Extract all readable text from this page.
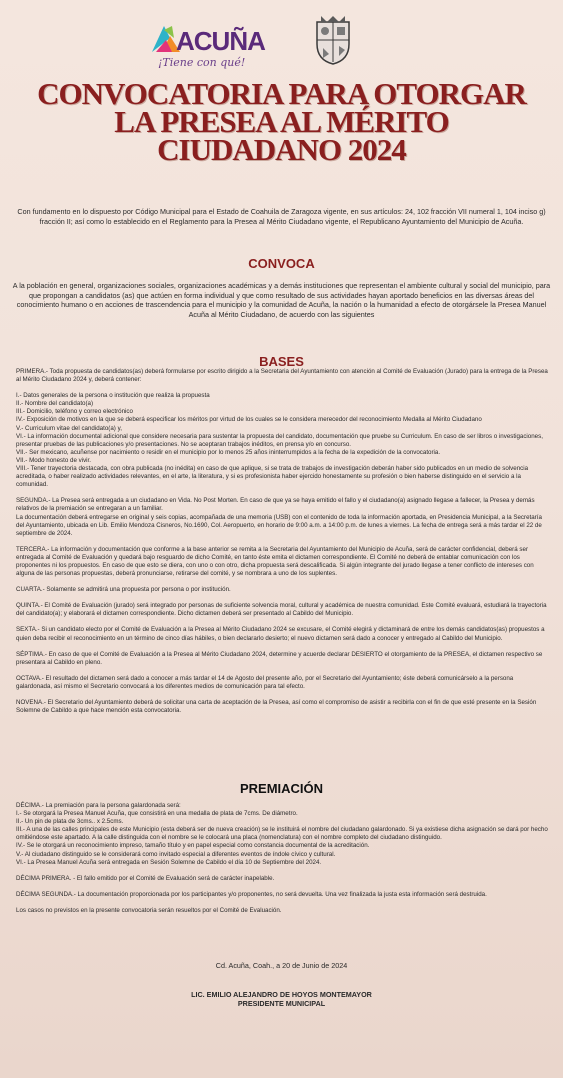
ACUÑA
¡Tiene con qué!
CONVOCATORIA PARA OTORGAR
LA PRESEA AL MÉRITO
CIUDADANO 2024
Con fundamento en lo dispuesto por Código Municipal para el Estado de Coahuila de Zaragoza vigente, en sus artículos: 24, 102 fracción VII numeral 1, 104 inciso g) fracción II; así como lo establecido en el Reglamento para la Presea al Mérito Ciudadano vigente, el Republicano Ayuntamiento del Municipio de Acuña.
CONVOCA
A la población en general, organizaciones sociales, organizaciones académicas y a demás instituciones que representan el ambiente cultural y social del municipio, para que propongan a candidatos (as) que actúen en forma individual y que como resultado de sus actividades hayan aportado beneficios en las diversas áreas del conocimiento humano o en acciones de trascendencia para el municipio y la comunidad de Acuña, la nación o la humanidad a efecto de otorgársele la Presea Manuel Acuña al Mérito Ciudadano, de acuerdo con las siguientes
BASES

PRIMERA.- Toda propuesta de candidatos(as) deberá formularse por escrito dirigido a la Secretaria del Ayuntamiento con atención al Comité de Evaluación (Jurado) para la entrega de la Presea al Mérito Ciudadano 2024 y, deberá contener:

I.- Datos generales de la persona o institución que realiza la propuesta

II.- Nombre del candidato(a)

III.- Domicilio, teléfono y correo electrónico

IV.- Exposición de motivos en la que se deberá especificar los méritos por virtud de los cuales se le considera merecedor del reconocimiento Medalla al Mérito Ciudadano

V.- Curriculum vitae del candidato(a) y,

VI.- La información documental adicional que considere necesaria para sustentar la propuesta del candidato, documentación que pruebe su Curriculum. En caso de ser libros o investigaciones, presentar pruebas de las publicaciones y/o presentaciones. No se aceptaran trabajos inéditos, en prensa y/o en concurso.

VII.- Ser mexicano, acuñense por nacimiento o residir en el municipio por lo menos 25 años ininterrumpidos a la fecha de la expedición de la convocatoria.

VII.- Modo honesto de vivir.

VIII.- Tener trayectoria destacada, con obra publicada (no inédita) en caso de que aplique, si se trata de trabajos de investigación deberán haber sido publicados en un medio de solvencia acreditada, o haber realizado actividades relevantes, en el arte, la literatura, y si es profesionista haber ejercido honestamente su profesión o bien haberse distinguido en el servicio a la comunidad.

SEGUNDA.- La Presea será entregada a un ciudadano en Vida. No Post Morten. En caso de que ya se haya emitido el fallo y el ciudadano(a) asignado llegase a fallecer, la Presea y demás relativos de la premiación se entregaran a un familiar.

La documentación deberá entregarse en original y seis copias, acompañada de una memoria (USB) con el contenido de toda la información aportada, en Presidencia Municipal, a la Secretaría del Ayuntamiento, ubicada en Lib. Emilio Mendoza Cisneros, No.1690, Col. Aeropuerto, en horario de 9:00 a.m. a 14:00 p.m. de lunes a viernes. La fecha de entrega será a más tardar el 22 de septiembre de 2024.

TERCERA.- La información y documentación que conforme a la base anterior se remita a la Secretaria del Ayuntamiento del Municipio de Acuña, será de carácter confidencial, deberá ser entregada al Comité de Evaluación y quedará bajo resguardo de dicho Comité, en tanto éste emita el dictamen correspondiente. El Comité no deberá de entablar comunicación con los proponentes ni los propuestos. En caso de que esto se diera, con uno o con otro, dicha propuesta será descalificada. Si algún integrante del jurado llegase a tener conflicto de intereses con alguna de las personas propuestas, deberá pronunciarse, retirarse del comité, y se nombrara a uno de los suplentes.

CUARTA.- Solamente se admitirá una propuesta por persona o por institución.

QUINTA.- El Comité de Evaluación (jurado) será integrado por personas de suficiente solvencia moral, cultural y académica de nuestra comunidad. Este Comité evaluará, estudiará la trayectoria del candidato(a); y elaborará el dictamen correspondiente. Dicho dictamen deberá ser presentado al Cabildo del Municipio.

SEXTA.- Si un candidato electo por el Comité de Evaluación a la Presea al Mérito Ciudadano 2024 se excusare, el Comité elegirá y dictaminará de entre los demás candidatos(as) propuestos a quien deba recibir el reconocimiento en un término de cinco días hábiles, o bien declararlo desierto; el nuevo dictamen será dado a conocer y entregado al Cabildo del Municipio.

SÉPTIMA.- En caso de que el Comité de Evaluación a la Presea al Mérito Ciudadano 2024, determine y acuerde declarar DESIERTO el otorgamiento de la PRESEA, el dictamen respectivo se presentara al Cabildo en pleno.

OCTAVA.- El resultado del dictamen será dado a conocer a más tardar el 14 de Agosto del presente año, por el Secretario del Ayuntamiento; éste deberá comunicárselo a la persona galardonada, así mismo el Secretario convocará a los diferentes medios de comunicación para tal efecto.

NOVENA.- El Secretario del Ayuntamiento deberá de solicitar una carta de aceptación de la Presea, así como el compromiso de asistir a recibirla con el fin de que esté presente en la Sesión Solemne de Cabildo a que hace mención esta convocatoria.

PREMIACIÓN

DÉCIMA.- La premiación para la persona galardonada será:

I.- Se otorgará la Presea Manuel Acuña, que consistirá en una medalla de plata de 7cms. De diámetro.

II.- Un pin de plata de 3cms.. x 2.5cms.

III.- A una de las calles principales de este Municipio (esta deberá ser de nueva creación) se le instituirá el nombre del ciudadano galardonado. Si ya existiese dicha asignación se dará por hecho omitiéndose este apartado. A la calle distinguida con el nombre se le colocará una placa (nomenclatura) con el nombre completo del ciudadano distinguido.

IV.- Se le otorgará un reconocimiento impreso, tamaño título y en papel especial como constancia documental de la acreditación.

V.- Al ciudadano distinguido se le considerará como invitado especial a diferentes eventos de índole cívico y cultural.

VI.- La Presea Manuel Acuña será entregada en Sesión Solemne de Cabildo el día 10 de Septiembre del 2024.

DÉCIMA PRIMERA. - El fallo emitido por el Comité de Evaluación será de carácter inapelable.

DÉCIMA SEGUNDA.- La documentación proporcionada por los participantes y/o proponentes, no será devuelta. Una vez finalizada la justa esta información será destruida.

Los casos no previstos en la presente convocatoria serán resueltos por el Comité de Evaluación.

Cd. Acuña, Coah., a 20 de Junio de 2024
LIC. EMILIO ALEJANDRO DE HOYOS MONTEMAYOR
PRESIDENTE MUNICIPAL
